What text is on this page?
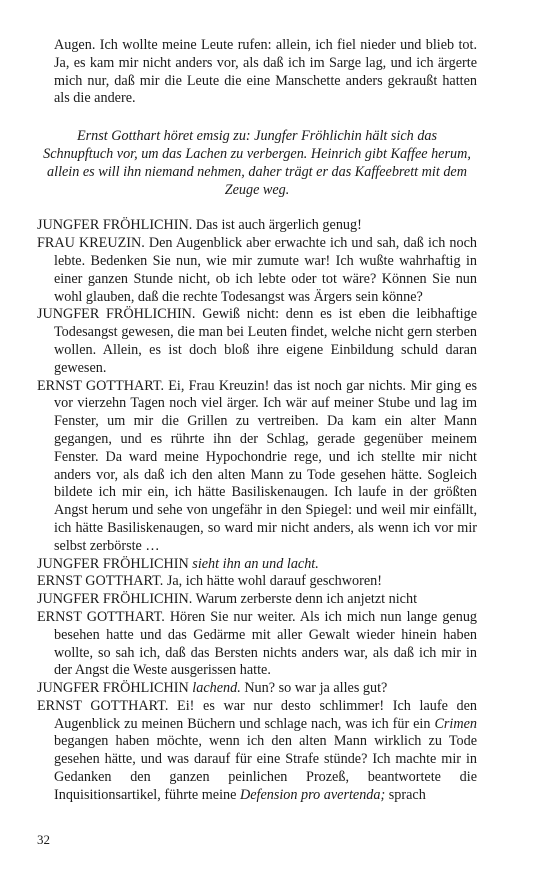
Augen. Ich wollte meine Leute rufen: allein, ich fiel nieder und blieb tot. Ja, es kam mir nicht anders vor, als daß ich im Sarge lag, und ich ärgerte mich nur, daß mir die Leute die eine Manschette anders gekraußt hatten als die andere.

Ernst Gotthart höret emsig zu: Jungfer Fröhlichin hält sich das Schnupftuch vor, um das Lachen zu verbergen. Heinrich gibt Kaffee herum, allein es will ihn niemand nehmen, daher trägt er das Kaffeebrett mit dem Zeuge weg.

JUNGFER FRÖHLICHIN. Das ist auch ärgerlich genug!

FRAU KREUZIN. Den Augenblick aber erwachte ich und sah, daß ich noch lebte. Bedenken Sie nun, wie mir zumute war! Ich wußte wahrhaftig in einer ganzen Stunde nicht, ob ich lebte oder tot wäre? Können Sie nun wohl glauben, daß die rechte Todesangst was Ärgers sein könne?

JUNGFER FRÖHLICHIN. Gewiß nicht: denn es ist eben die leibhaftige Todesangst gewesen, die man bei Leuten findet, welche nicht gern sterben wollen. Allein, es ist doch bloß ihre eigene Einbildung schuld daran gewesen.

ERNST GOTTHART. Ei, Frau Kreuzin! das ist noch gar nichts. Mir ging es vor vierzehn Tagen noch viel ärger. Ich wär auf meiner Stube und lag im Fenster, um mir die Grillen zu vertreiben. Da kam ein alter Mann gegangen, und es rührte ihn der Schlag, gerade gegenüber meinem Fenster. Da ward meine Hypochondrie rege, und ich stellte mir nicht anders vor, als daß ich den alten Mann zu Tode gesehen hätte. Sogleich bildete ich mir ein, ich hätte Basiliskenaugen. Ich laufe in der größten Angst herum und sehe von ungefähr in den Spiegel: und weil mir einfällt, ich hätte Basiliskenaugen, so ward mir nicht anders, als wenn ich vor mir selbst zerbörste …

JUNGFER FRÖHLICHIN sieht ihn an und lacht.

ERNST GOTTHART. Ja, ich hätte wohl darauf geschworen!

JUNGFER FRÖHLICHIN. Warum zerberste denn ich anjetzt nicht

ERNST GOTTHART. Hören Sie nur weiter. Als ich mich nun lange genug besehen hatte und das Gedärme mit aller Gewalt wieder hinein haben wollte, so sah ich, daß das Bersten nichts anders war, als daß ich mir in der Angst die Weste ausgerissen hatte.

JUNGFER FRÖHLICHIN lachend. Nun? so war ja alles gut?

ERNST GOTTHART. Ei! es war nur desto schlimmer! Ich laufe den Augenblick zu meinen Büchern und schlage nach, was ich für ein Crimen begangen haben möchte, wenn ich den alten Mann wirklich zu Tode gesehen hätte, und was darauf für eine Strafe stünde? Ich machte mir in Gedanken den ganzen peinlichen Prozeß, beantwortete die Inquisitionsartikel, führte meine Defension pro avertenda; sprach

32
